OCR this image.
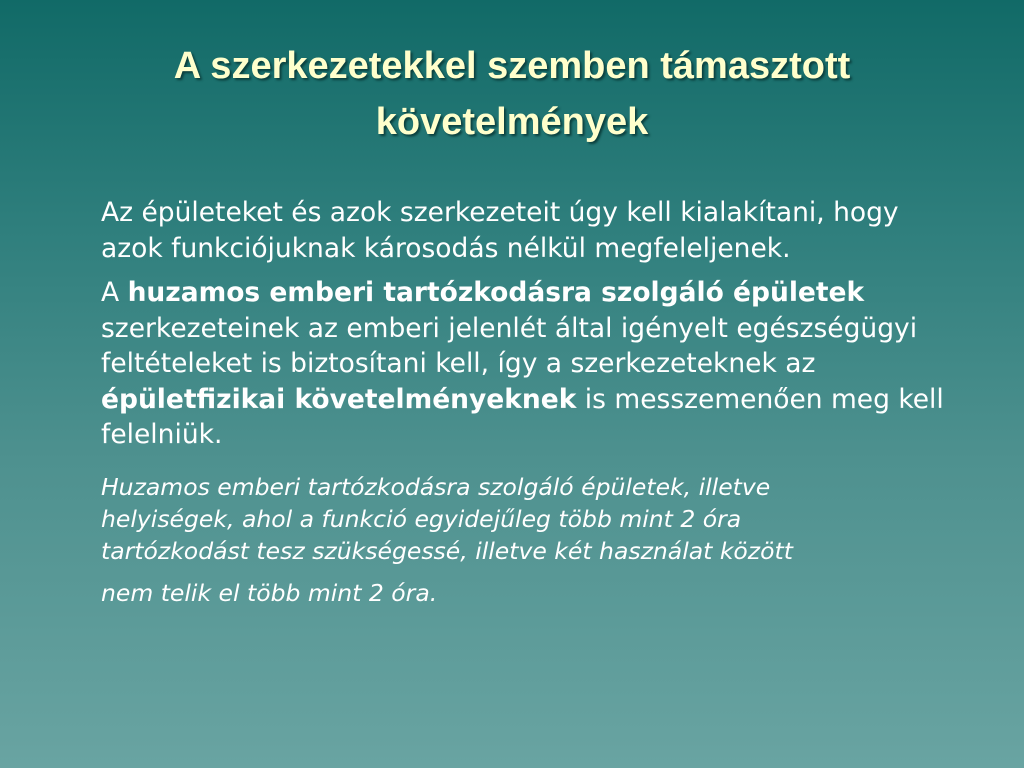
A szerkezetekkel szemben támasztott
követelmények

Az épületeket és azok szerkezeteit úgy kell kialakítani, hogy azok funkciójuknak károsodás nélkül megfeleljenek.

A huzamos emberi tartózkodásra szolgáló épületek szerkezeteinek az emberi jelenlét által igényelt egészségügyi feltételeket is biztosítani kell, így a szerkezeteknek az épületfizikai követelményeknek is messzemenően meg kell felelniük.

Huzamos emberi tartózkodásra szolgáló épületek, illetve
helyiségek, ahol a funkció egyidejűleg több mint 2 óra
tartózkodást tesz szükségessé, illetve két használat között
nem telik el több mint 2 óra.
